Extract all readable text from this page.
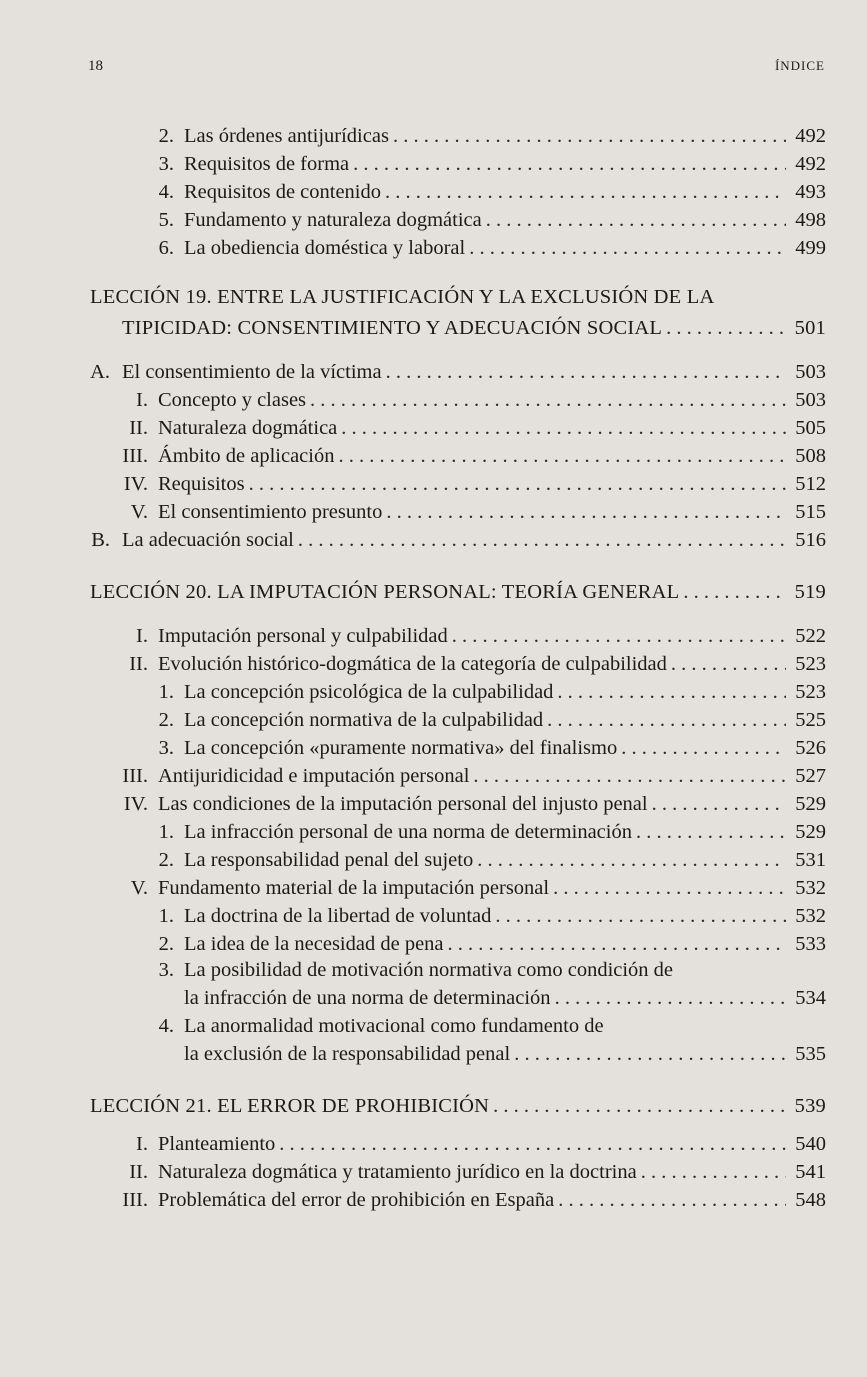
18	ÍNDICE
2. Las órdenes antijurídicas . . .	492
3. Requisitos de forma . . .	492
4. Requisitos de contenido . . .	493
5. Fundamento y naturaleza dogmática . . .	498
6. La obediencia doméstica y laboral . . .	499
LECCIÓN 19. ENTRE LA JUSTIFICACIÓN Y LA EXCLUSIÓN DE LA
TIPICIDAD: CONSENTIMIENTO Y ADECUACIÓN SOCIAL . . .	501
A. El consentimiento de la víctima . . .	503
I. Concepto y clases . . .	503
II. Naturaleza dogmática . . .	505
III. Ámbito de aplicación . . .	508
IV. Requisitos . . .	512
V. El consentimiento presunto . . .	515
B. La adecuación social . . .	516
LECCIÓN 20. LA IMPUTACIÓN PERSONAL: TEORÍA GENERAL . . .	519
I. Imputación personal y culpabilidad . . .	522
II. Evolución histórico-dogmática de la categoría de culpabilidad . . .	523
1. La concepción psicológica de la culpabilidad . . .	523
2. La concepción normativa de la culpabilidad . . .	525
3. La concepción «puramente normativa» del finalismo . . .	526
III. Antijuridicidad e imputación personal . . .	527
IV. Las condiciones de la imputación personal del injusto penal . . .	529
1. La infracción personal de una norma de determinación . . .	529
2. La responsabilidad penal del sujeto . . .	531
V. Fundamento material de la imputación personal . . .	532
1. La doctrina de la libertad de voluntad . . .	532
2. La idea de la necesidad de pena . . .	533
3. La posibilidad de motivación normativa como condición de
la infracción de una norma de determinación . . .	534
4. La anormalidad motivacional como fundamento de
la exclusión de la responsabilidad penal . . .	535
LECCIÓN 21. EL ERROR DE PROHIBICIÓN . . .	539
I. Planteamiento . . .	540
II. Naturaleza dogmática y tratamiento jurídico en la doctrina . . .	541
III. Problemática del error de prohibición en España . . .	548
